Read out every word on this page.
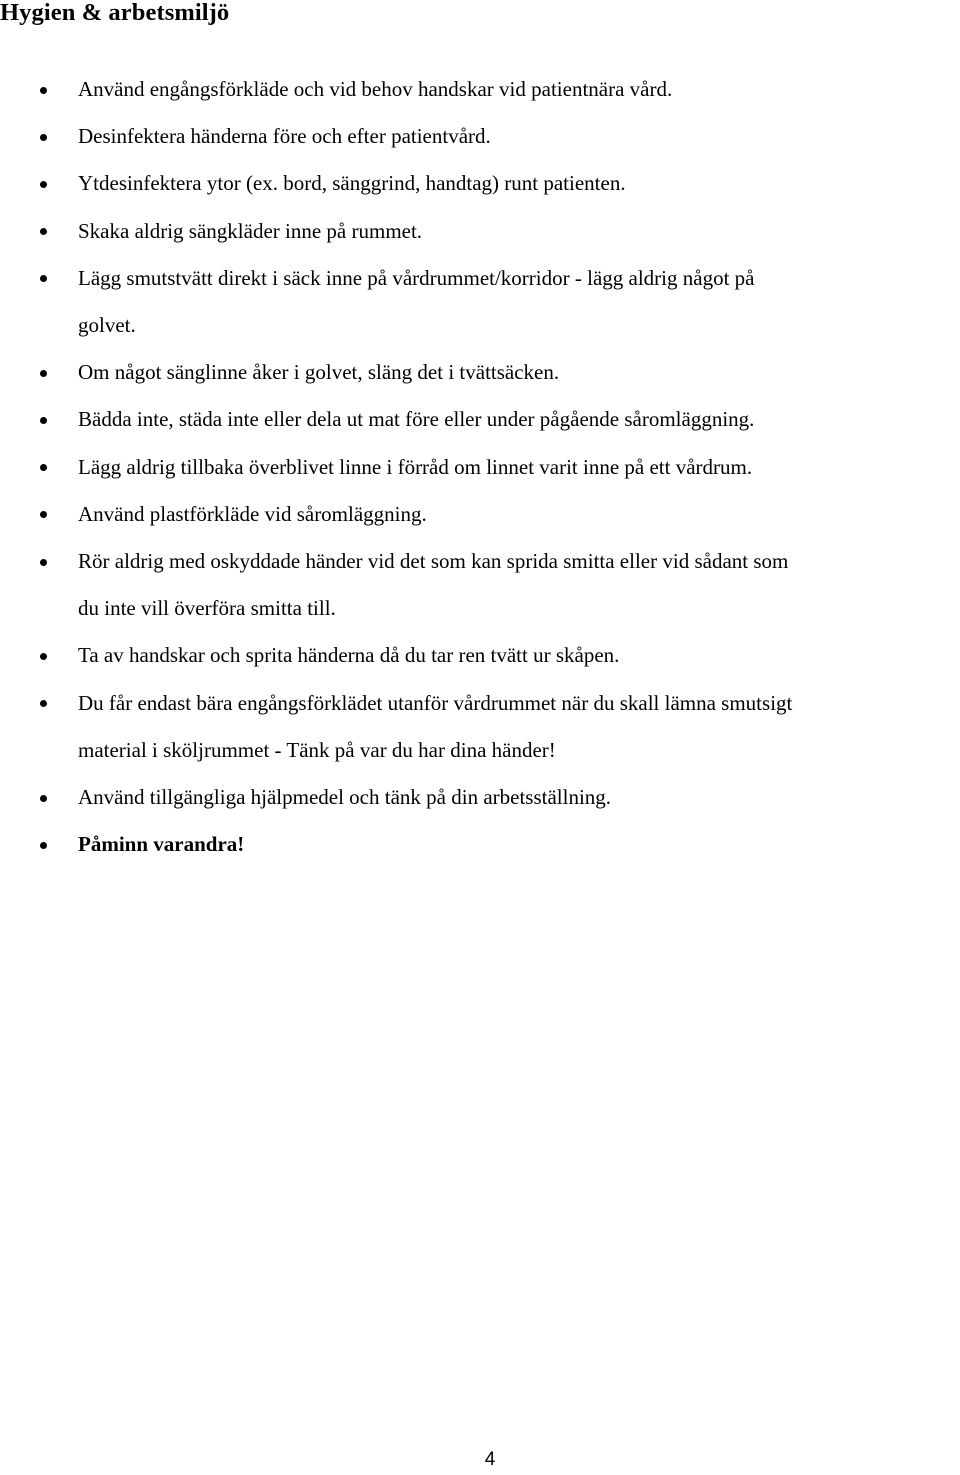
Hygien & arbetsmiljö
Använd engångsförkläde och vid behov handskar vid patientnära vård.
Desinfektera händerna före och efter patientvård.
Ytdesinfektera ytor (ex. bord, sänggrind, handtag) runt patienten.
Skaka aldrig sängkläder inne på rummet.
Lägg smutstvätt direkt i säck inne på vårdrummet/korridor - lägg aldrig något på
golvet.
Om något sänglinne åker i golvet, släng det i tvättsäcken.
Bädda inte, städa inte eller dela ut mat före eller under pågående såromläggning.
Lägg aldrig tillbaka överblivet linne i förråd om linnet varit inne på ett vårdrum.
Använd plastförkläde vid såromläggning.
Rör aldrig med oskyddade händer vid det som kan sprida smitta eller vid sådant som
du inte vill överföra smitta till.
Ta av handskar och sprita händerna då du tar ren tvätt ur skåpen.
Du får endast bära engångsförklädet utanför vårdrummet när du skall lämna smutsigt
material i sköljrummet - Tänk på var du har dina händer!
Använd tillgängliga hjälpmedel och tänk på din arbetsställning.
Påminn varandra!
4
